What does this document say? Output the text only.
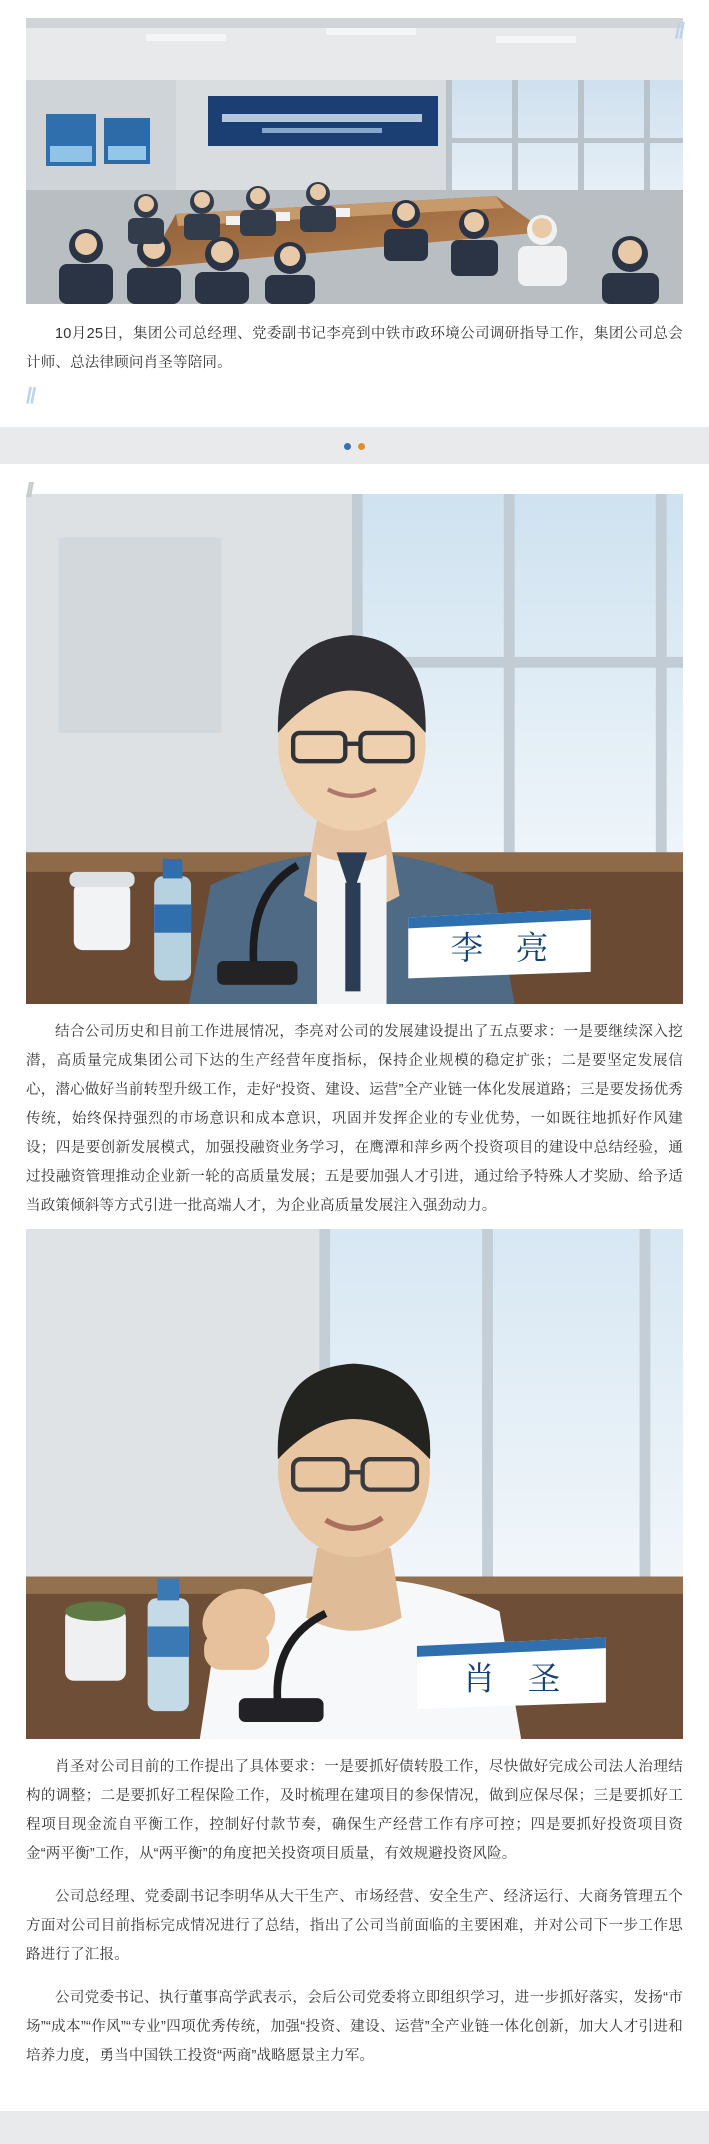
//
//

10月25日，集团公司总经理、党委副书记李亮到中铁市政环境公司调研指导工作，集团公司总会计师、总法律顾问肖圣等陪同。

//
李　亮

结合公司历史和目前工作进展情况，李亮对公司的发展建设提出了五点要求：一是要继续深入挖潜，高质量完成集团公司下达的生产经营年度指标，保持企业规模的稳定扩张；二是要坚定发展信心，潜心做好当前转型升级工作，走好“投资、建设、运营”全产业链一体化发展道路；三是要发扬优秀传统，始终保持强烈的市场意识和成本意识，巩固并发挥企业的专业优势，一如既往地抓好作风建设；四是要创新发展模式，加强投融资业务学习，在鹰潭和萍乡两个投资项目的建设中总结经验，通过投融资管理推动企业新一轮的高质量发展；五是要加强人才引进，通过给予特殊人才奖励、给予适当政策倾斜等方式引进一批高端人才，为企业高质量发展注入强劲动力。

肖　圣

肖圣对公司目前的工作提出了具体要求：一是要抓好债转股工作，尽快做好完成公司法人治理结构的调整；二是要抓好工程保险工作，及时梳理在建项目的参保情况，做到应保尽保；三是要抓好工程项目现金流自平衡工作，控制好付款节奏，确保生产经营工作有序可控；四是要抓好投资项目资金“两平衡”工作，从“两平衡”的角度把关投资项目质量，有效规避投资风险。

公司总经理、党委副书记李明华从大干生产、市场经营、安全生产、经济运行、大商务管理五个方面对公司目前指标完成情况进行了总结，指出了公司当前面临的主要困难，并对公司下一步工作思路进行了汇报。

公司党委书记、执行董事高学武表示，会后公司党委将立即组织学习，进一步抓好落实，发扬“市场”“成本”“作风”“专业”四项优秀传统，加强“投资、建设、运营”全产业链一体化创新，加大人才引进和培养力度，勇当中国铁工投资“两商”战略愿景主力军。
